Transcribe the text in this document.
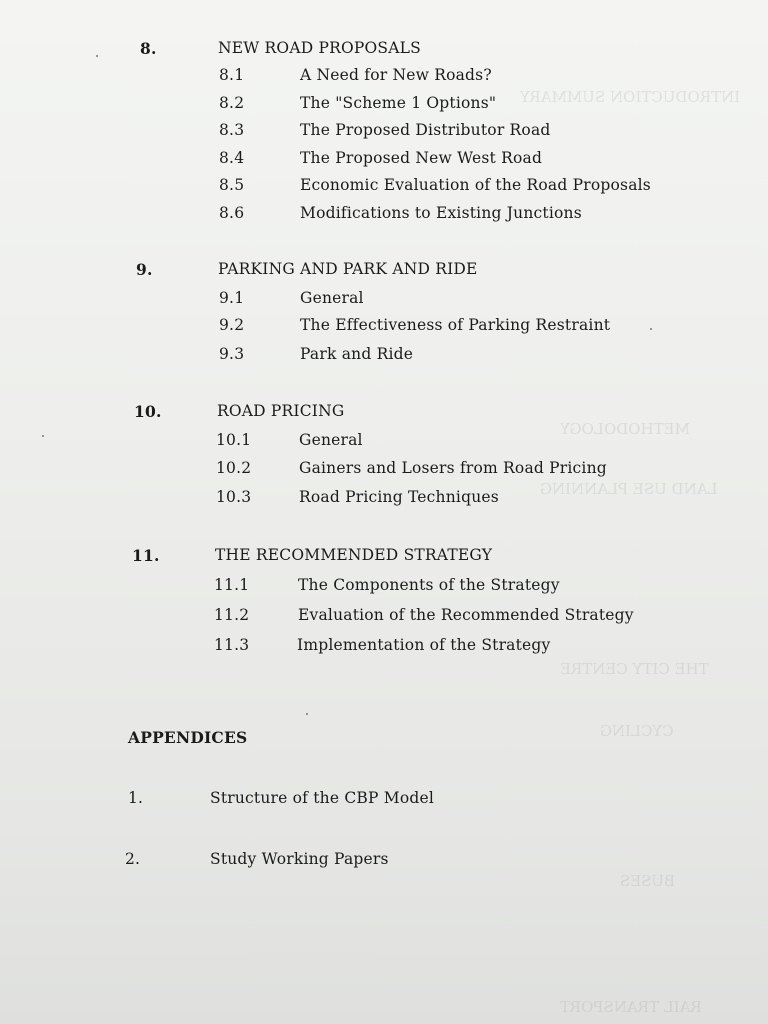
INTRODUCTION SUMMARY
METHODOLOGY
LAND USE PLANNING
THE CITY CENTRE
CYCLING
BUSES
RAIL TRANSPORT
8.	NEW ROAD PROPOSALS
8.1	A Need for New Roads?
8.2	The "Scheme 1 Options"
8.3	The Proposed Distributor Road
8.4	The Proposed New West Road
8.5	Economic Evaluation of the Road Proposals
8.6	Modifications to Existing Junctions
9.	PARKING AND PARK AND RIDE
9.1	General
9.2	The Effectiveness of Parking Restraint
9.3	Park and Ride
10.	ROAD PRICING
10.1	General
10.2	Gainers and Losers from Road Pricing
10.3	Road Pricing Techniques
11.	THE RECOMMENDED STRATEGY
11.1	The Components of the Strategy
11.2	Evaluation of the Recommended Strategy
11.3	Implementation of the Strategy
APPENDICES
1.	Structure of the CBP Model
2.	Study Working Papers
